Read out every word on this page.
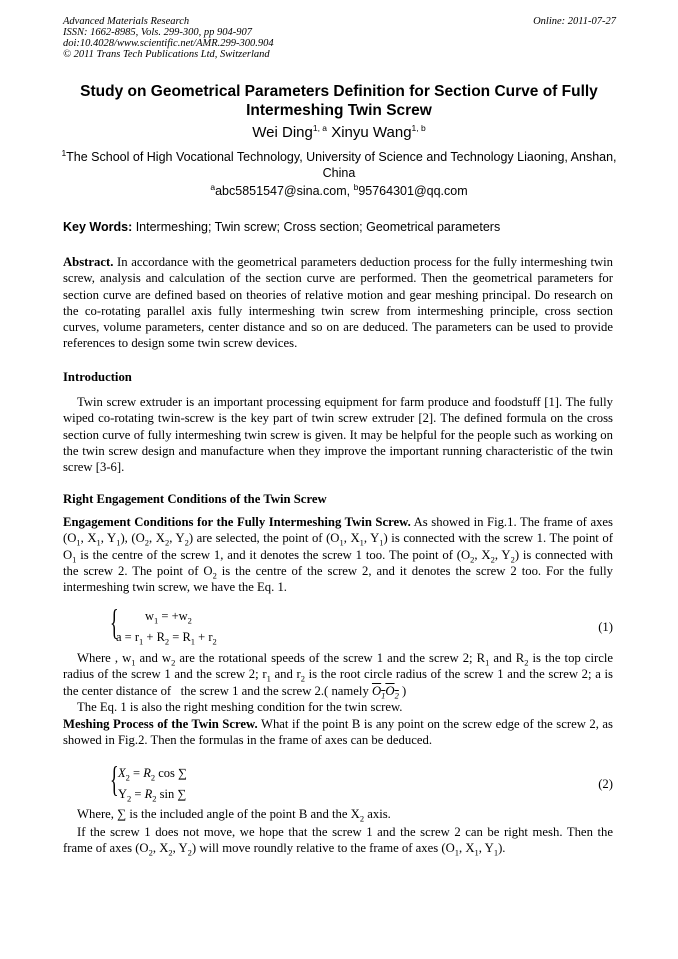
Advanced Materials Research
ISSN: 1662-8985, Vols. 299-300, pp 904-907
doi:10.4028/www.scientific.net/AMR.299-300.904
© 2011 Trans Tech Publications Ltd, Switzerland
Online: 2011-07-27
Study on Geometrical Parameters Definition for Section Curve of Fully Intermeshing Twin Screw
Wei Ding$^{1, a}$ Xinyu Wang$^{1, b}$
$^1$The School of High Vocational Technology, University of Science and Technology Liaoning, Anshan, China
$^a$abc5851547@sina.com, $^b$95764301@qq.com
Key Words: Intermeshing; Twin screw; Cross section; Geometrical parameters
Abstract. In accordance with the geometrical parameters deduction process for the fully intermeshing twin screw, analysis and calculation of the section curve are performed. Then the geometrical parameters for section curve are defined based on theories of relative motion and gear meshing principal. Do research on the co-rotating parallel axis fully intermeshing twin screw from intermeshing principle, cross section curves, volume parameters, center distance and so on are deduced. The parameters can be used to provide references to design some twin screw devices.
Introduction
Twin screw extruder is an important processing equipment for farm produce and foodstuff [1]. The fully wiped co-rotating twin-screw is the key part of twin screw extruder [2]. The defined formula on the cross section curve of fully intermeshing twin screw is given. It may be helpful for the people such as working on the twin screw design and manufacture when they improve the important running characteristic of the twin screw [3-6].
Right Engagement Conditions of the Twin Screw
Engagement Conditions for the Fully Intermeshing Twin Screw. As showed in Fig.1. The frame of axes ($O_1$, $X_1$, $Y_1$), ($O_2$, $X_2$, $Y_2$) are selected, the point of ($O_1$, $X_1$, $Y_1$) is connected with the screw 1. The point of $O_1$ is the centre of the screw 1, and it denotes the screw 1 too. The point of ($O_2$, $X_2$, $Y_2$) is connected with the screw 2. The point of $O_2$ is the centre of the screw 2, and it denotes the screw 2 too. For the fully intermeshing twin screw, we have the Eq. 1.
{ $w_1 = +w_2$
$a = r_1 + R_2 = R_1 + r_2$
(1)
Where , $w_1$ and $w_2$ are the rotational speeds of the screw 1 and the screw 2; $R_1$ and $R_2$ is the top circle radius of the screw 1 and the screw 2; $r_1$ and $r_2$ is the root circle radius of the screw 1 and the screw 2; a is the center distance of   the screw 1 and the screw 2.( namely $O_1O_2$ )
The Eq. 1 is also the right meshing condition for the twin screw.
Meshing Process of the Twin Screw. What if the point B is any point on the screw edge of the screw 2, as showed in Fig.2. Then the formulas in the frame of axes can be deduced.
{ $X_2 = R_2$ cos ∑
$Y_2 = R_2$ sin ∑
(2)
Where, ∑ is the included angle of the point B and the $X_2$ axis.
If the screw 1 does not move, we hope that the screw 1 and the screw 2 can be right mesh. Then the frame of axes ($O_2$, $X_2$, $Y_2$) will move roundly relative to the frame of axes ($O_1$, $X_1$, $Y_1$).
